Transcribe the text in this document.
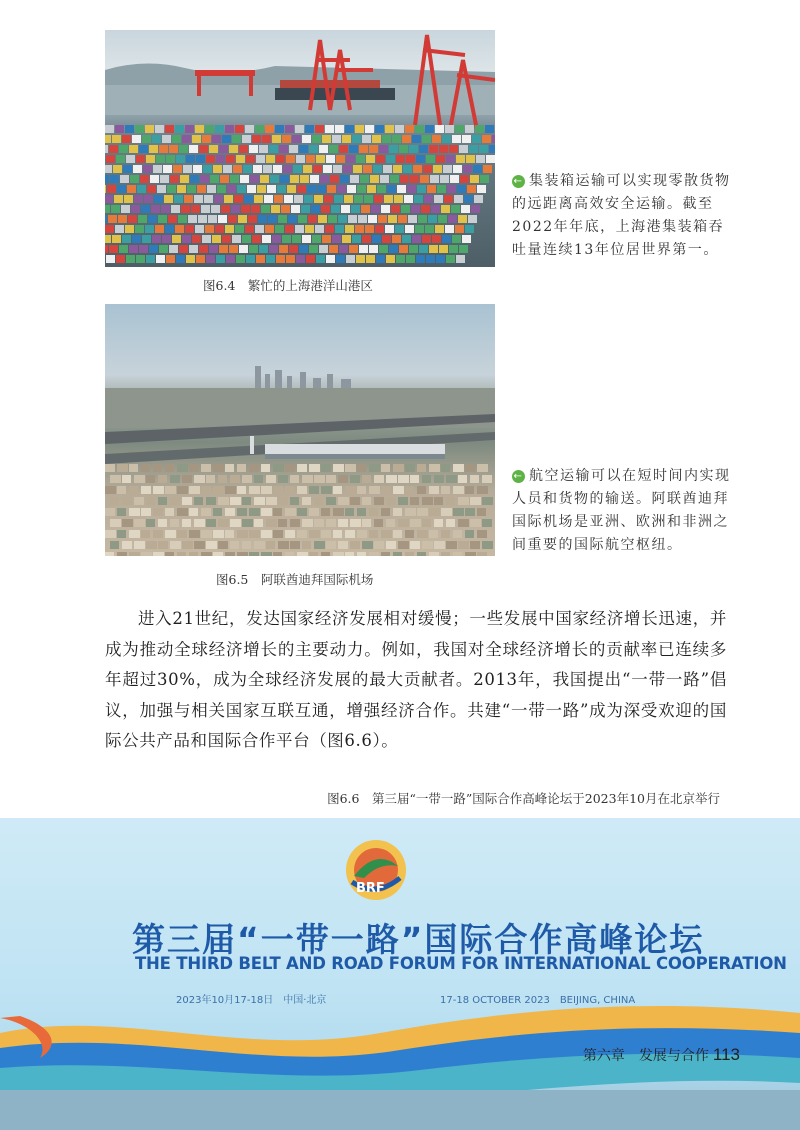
图6.4　繁忙的上海港洋山港区
← 集装箱运输可以实现零散货物的远距离高效安全运输。截至2022年年底，上海港集装箱吞吐量连续13年位居世界第一。
图6.5　阿联酋迪拜国际机场
← 航空运输可以在短时间内实现人员和货物的输送。阿联酋迪拜国际机场是亚洲、欧洲和非洲之间重要的国际航空枢纽。

进入21世纪，发达国家经济发展相对缓慢；一些发展中国家经济增长迅速，并成为推动全球经济增长的主要动力。例如，我国对全球经济增长的贡献率已连续多年超过30%，成为全球经济发展的最大贡献者。2013年，我国提出“一带一路”倡议，加强与相关国家互联互通，增强经济合作。共建“一带一路”成为深受欢迎的国际公共产品和国际合作平台（图6.6）。

图6.6　第三届“一带一路”国际合作高峰论坛于2023年10月在北京举行
BRF
第三届“一带一路”国际合作高峰论坛
THE THIRD BELT AND ROAD FORUM FOR INTERNATIONAL COOPERATION
2023年10月17-18日　中国·北京	17-18 OCTOBER 2023　BEIJING, CHINA
第六章　发展与合作 113
